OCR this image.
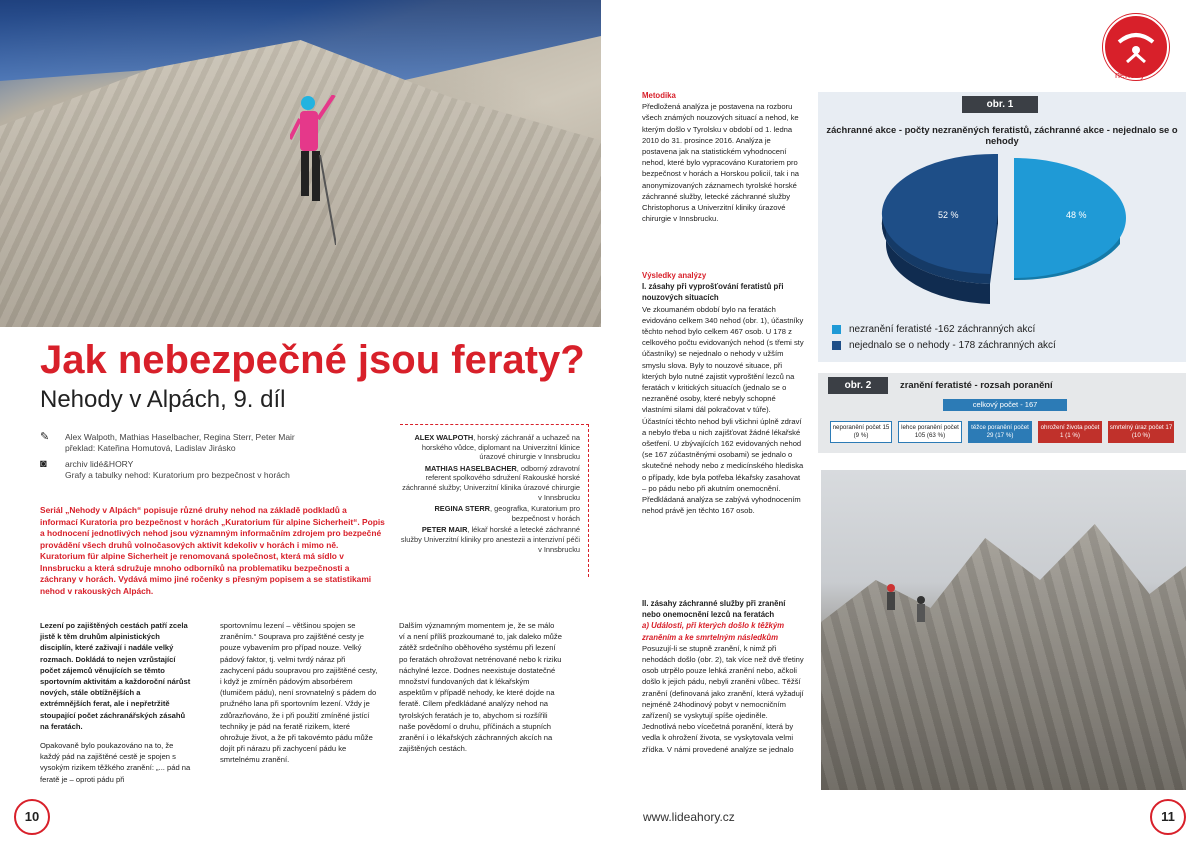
Jak nebezpečné jsou feraty?
Nehody v Alpách, 9. díl
✎	Alex Walpoth, Mathias Haselbacher, Regina Sterr, Peter Mair
překlad: Kateřina Homutová, Ladislav Jirásko
◙	archiv lidé&HORY
Grafy a tabulky nehod: Kuratorium pro bezpečnost v horách
Seriál „Nehody v Alpách“ popisuje různé druhy nehod na základě podkladů a informací Kuratoria pro bezpečnost v horách „Kuratorium für alpine Sicherheit“. Popis a hodnocení jednotlivých nehod jsou významným informačním zdrojem pro bezpečné provádění všech druhů volnočasových aktivit kdekoliv v horách i mimo ně. Kuratorium für alpine Sicherheit je renomovaná společnost, která má sídlo v Innsbrucku a která sdružuje mnoho odborníků na problematiku bezpečnosti a záchrany v horách. Vydává mimo jiné ročenky s přesným popisem a se statistikami nehod v rakouských Alpách.

ALEX WALPOTH, horský záchranář a uchazeč na horského vůdce, diplomant na Univerzitní klinice úrazové chirurgie v Innsbrucku

MATHIAS HASELBACHER, odborný zdravotní referent spolkového sdružení Rakouské horské záchranné služby; Univerzitní klinika úrazové chirurgie v Innsbrucku

REGINA STERR, geografka, Kuratorium pro bezpečnost v horách

PETER MAIR, lékař horské a letecké záchranné služby Univerzitní kliniky pro anestezii a intenzivní péči v Innsbrucku

Lezení po zajištěných cestách patří zcela jistě k těm druhům alpinistických disciplín, které zaživají i nadále velký rozmach. Dokládá to nejen vzrůstající počet zájemců věnujících se těmto sportovním aktivitám a každoroční nárůst nových, stále obtížnějších a extrémnějších ferat, ale i nepřetržitě stoupající počet záchranářských zásahů na feratách.

Opakovaně bylo poukazováno na to, že každý pád na zajištěné cestě je spojen s vysokým rizikem těžkého zranění: „... pád na feratě je – oproti pádu při

sportovnímu lezení – většinou spojen se zraněním.“ Souprava pro zajištěné cesty je pouze vybavením pro případ nouze. Velký pádový faktor, tj. velmi tvrdý náraz při zachycení pádu soupravou pro zajištěné cesty, i když je zmírněn pádovým absorbérem (tlumičem pádu), není srovnatelný s pádem do pružného lana při sportovním lezení. Vždy je zdůrazňováno, že i při použití zmíněné jistící techniky je pád na feratě rizikem, které ohrožuje život, a že při takovémto pádu může dojít při nárazu při zachycení pádu ke smrtelnému zranění.

Dalším významným momentem je, že se málo ví a není příliš prozkoumané to, jak daleko může zátěž srdečního oběhového systému při lezení po feratách ohrožovat netrénované nebo k riziku náchylné lezce. Dodnes neexistuje dostatečné množství fundovaných dat k lékařským aspektům v případě nehody, ke které dojde na feratě. Cílem předkládané analýzy nehod na tyrolských feratách je to, abychom si rozšířili naše povědomí o druhu, příčinách a stupních zranění i o lékařských záchranných akcích na zajištěných cestách.

10
Metodika
Předložená analýza je postavena na rozboru všech známých nouzových situací a nehod, ke kterým došlo v Tyrolsku v období od 1. ledna 2010 do 31. prosince 2016. Analýza je postavena jak na statistickém vyhodnocení nehod, které bylo vypracováno Kuratoriem pro bezpečnost v horách a Horskou policií, tak i na anonymizovaných záznamech tyrolské horské záchranné služby, letecké záchranné služby Christophorus a Univerzitní kliniky úrazové chirurgie v Innsbrucku.
Výsledky analýzy
I. zásahy při vyprošťování feratistů při nouzových situacích
Ve zkoumaném období bylo na feratách evidováno celkem 340 nehod (obr. 1), účastníky těchto nehod bylo celkem 467 osob. U 178 z celkového počtu evidovaných nehod (s třemi sty účastníky) se nejednalo o nehody v užším smyslu slova. Byly to nouzové situace, při kterých bylo nutné zajistit vyproštění lezců na feratách v kritických situacích (jednalo se o nezraněné osoby, které nebyly schopné vlastními silami dál pokračovat v túře). Účastníci těchto nehod byli všichni úplně zdraví a nebylo třeba u nich zajišťovat žádné lékařské ošetření. U zbývajících 162 evidovaných nehod (se 167 zúčastněnými osobami) se jednalo o skutečné nehody nebo z medicínského hlediska o případy, kde byla potřeba lékařsky zasahovat – po pádu nebo při akutním onemocnění. Předkládaná analýza se zabývá vyhodnocením nehod právě jen těchto 167 osob.
II. zásahy záchranné služby při zranění nebo onemocnění lezců na feratách
a) Události, při kterých došlo k těžkým zraněním a ke smrtelným následkům
Posuzují-li se stupně zranění, k nimž při nehodách došlo (obr. 2), tak více než dvě třetiny osob utrpělo pouze lehká zranění nebo, ačkoli došlo k jejich pádu, nebyli zraněni vůbec. Těžší zranění (definovaná jako zranění, která vyžadují nejméně 24hodinový pobyt v nemocničním zařízení) se vyskytují spíše ojediněle. Jednotlivá nebo vícečetná poranění, která by vedla k ohrožení života, se vyskytovala velmi zřídka. V námi provedené analýze se jednalo
nehody
obr. 1
záchranné akce - počty nezraněných feratistů, záchranné akce - nejednalo se o nehody
52 %	48 %
nezranění feratisté -162 záchranných akcí
nejednalo se o nehody - 178 záchranných akcí
obr. 2	zranění feratisté - rozsah poranění
celkový počet - 167
neporanění počet 15 (9 %)
lehce poranění počet 105 (63 %)
těžce poranění počet 29 (17 %)
ohrožení života počet 1 (1 %)
smrtelný úraz počet 17 (10 %)
www.lideahory.cz	11
